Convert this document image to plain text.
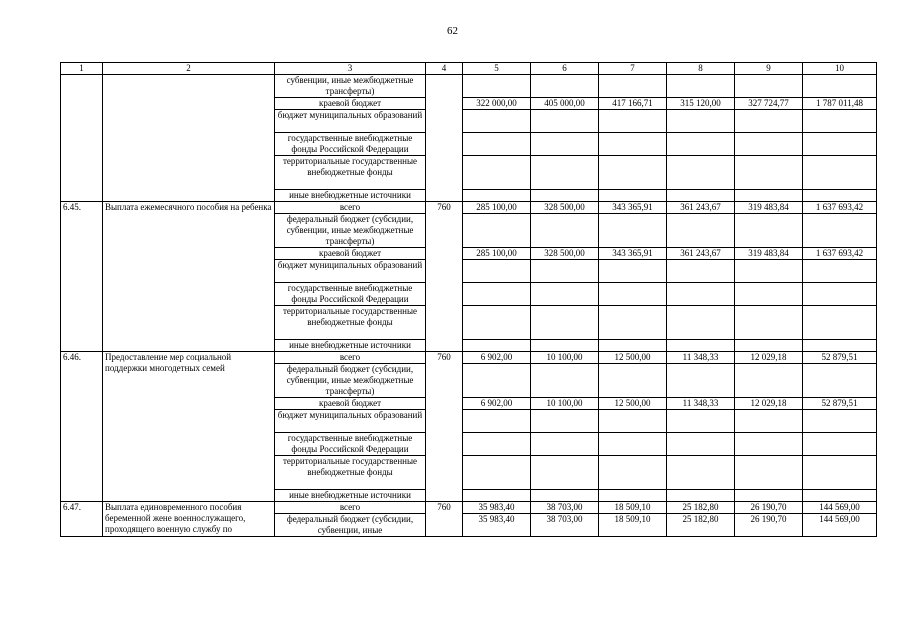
62
1	2	3	4	5	6	7	8	9	10
		субвенции, иные межбюджетные трансферты)							
		краевой бюджет		322 000,00	405 000,00	417 166,71	315 120,00	327 724,77	1 787 011,48
		бюджет муниципальных образований							
		государственные внебюджетные фонды Российской Федерации							
		территориальные государственные внебюджетные фонды							
		иные внебюджетные источники							
6.45.	Выплата ежемесячного пособия на ребенка	всего	760	285 100,00	328 500,00	343 365,91	361 243,67	319 483,84	1 637 693,42
		федеральный бюджет (субсидии, субвенции, иные межбюджетные трансферты)							
		краевой бюджет		285 100,00	328 500,00	343 365,91	361 243,67	319 483,84	1 637 693,42
		бюджет муниципальных образований							
		государственные внебюджетные фонды Российской Федерации							
		территориальные государственные внебюджетные фонды							
		иные внебюджетные источники							
6.46.	Предоставление мер социальной поддержки многодетных семей	всего	760	6 902,00	10 100,00	12 500,00	11 348,33	12 029,18	52 879,51
		федеральный бюджет (субсидии, субвенции, иные межбюджетные трансферты)							
		краевой бюджет		6 902,00	10 100,00	12 500,00	11 348,33	12 029,18	52 879,51
		бюджет муниципальных образований							
		государственные внебюджетные фонды Российской Федерации							
		территориальные государственные внебюджетные фонды							
		иные внебюджетные источники							
6.47.	Выплата единовременного пособия беременной жене военнослужащего, проходящего военную службу по	всего	760	35 983,40	38 703,00	18 509,10	25 182,80	26 190,70	144 569,00
		федеральный бюджет (субсидии, субвенции, иные		35 983,40	38 703,00	18 509,10	25 182,80	26 190,70	144 569,00
